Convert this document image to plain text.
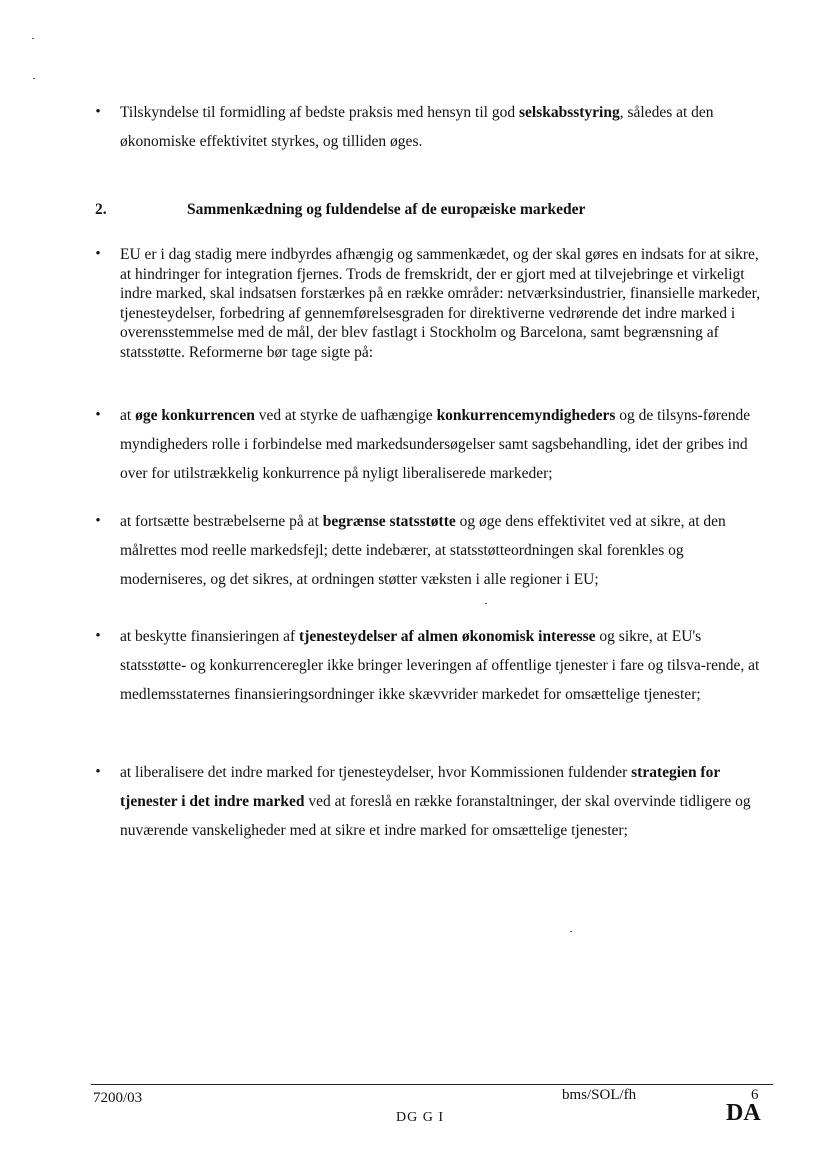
• Tilskyndelse til formidling af bedste praksis med hensyn til god selskabsstyring, således at den økonomiske effektivitet styrkes, og tilliden øges.
2.	Sammenkædning og fuldendelse af de europæiske markeder
• EU er i dag stadig mere indbyrdes afhængig og sammenkædet, og der skal gøres en indsats for at sikre, at hindringer for integration fjernes. Trods de fremskridt, der er gjort med at tilvejebringe et virkeligt indre marked, skal indsatsen forstærkes på en række områder: netværksindustrier, finansielle markeder, tjenesteydelser, forbedring af gennemførelsesgraden for direktiverne vedrørende det indre marked i overensstemmelse med de mål, der blev fastlagt i Stockholm og Barcelona, samt begrænsning af statsstøtte. Reformerne bør tage sigte på:
• at øge konkurrencen ved at styrke de uafhængige konkurrencemyndigheders og de tilsyns-førende myndigheders rolle i forbindelse med markedsundersøgelser samt sagsbehandling, idet der gribes ind over for utilstrækkelig konkurrence på nyligt liberaliserede markeder;
• at fortsætte bestræbelserne på at begrænse statsstøtte og øge dens effektivitet ved at sikre, at den målrettes mod reelle markedsfejl; dette indebærer, at statsstøtteordningen skal forenkles og moderniseres, og det sikres, at ordningen støtter væksten i alle regioner i EU;
• at beskytte finansieringen af tjenesteydelser af almen økonomisk interesse og sikre, at EU's statsstøtte- og konkurrenceregler ikke bringer leveringen af offentlige tjenester i fare og tilsva-rende, at medlemsstaternes finansieringsordninger ikke skævvrider markedet for omsættelige tjenester;
• at liberalisere det indre marked for tjenesteydelser, hvor Kommissionen fuldender strategien for tjenester i det indre marked ved at foreslå en række foranstaltninger, der skal overvinde tidligere og nuværende vanskeligheder med at sikre et indre marked for omsættelige tjenester;
7200/03	bms/SOL/fh	6
DG G I	DA
